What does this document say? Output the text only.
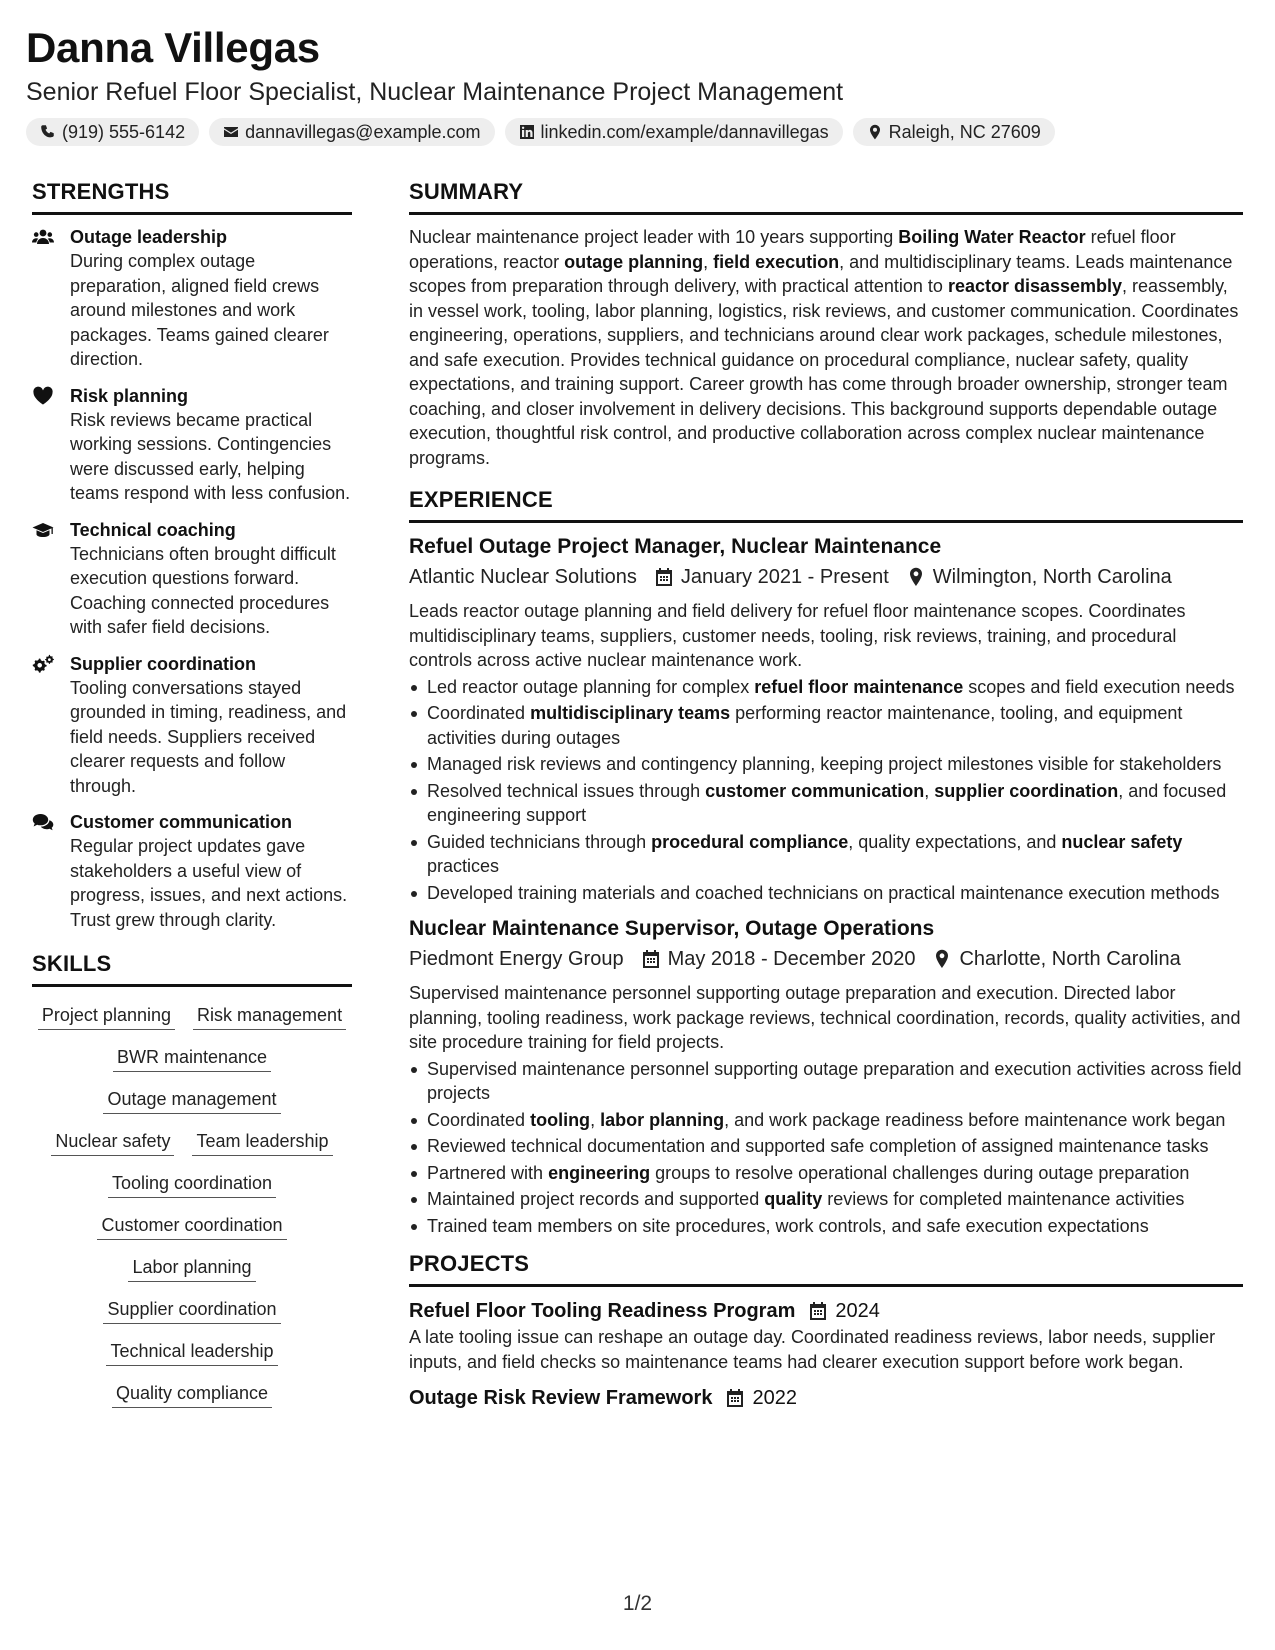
Danna Villegas
Senior Refuel Floor Specialist, Nuclear Maintenance Project Management
(919) 555-6142	dannavillegas@example.com	linkedin.com/example/dannavillegas	Raleigh, NC 27609
STRENGTHS
Outage leadership
During complex outage preparation, aligned field crews around milestones and work packages. Teams gained clearer direction.
Risk planning
Risk reviews became practical working sessions. Contingencies were discussed early, helping teams respond with less confusion.
Technical coaching
Technicians often brought difficult execution questions forward. Coaching connected procedures with safer field decisions.
Supplier coordination
Tooling conversations stayed grounded in timing, readiness, and field needs. Suppliers received clearer requests and follow through.
Customer communication
Regular project updates gave stakeholders a useful view of progress, issues, and next actions. Trust grew through clarity.
SKILLS
Project planning Risk management
BWR maintenance
Outage management
Nuclear safety Team leadership
Tooling coordination
Customer coordination
Labor planning
Supplier coordination
Technical leadership
Quality compliance
SUMMARY
Nuclear maintenance project leader with 10 years supporting Boiling Water Reactor refuel floor operations, reactor outage planning, field execution, and multidisciplinary teams. Leads maintenance scopes from preparation through delivery, with practical attention to reactor disassembly, reassembly, in vessel work, tooling, labor planning, logistics, risk reviews, and customer communication. Coordinates engineering, operations, suppliers, and technicians around clear work packages, schedule milestones, and safe execution. Provides technical guidance on procedural compliance, nuclear safety, quality expectations, and training support. Career growth has come through broader ownership, stronger team coaching, and closer involvement in delivery decisions. This background supports dependable outage execution, thoughtful risk control, and productive collaboration across complex nuclear maintenance programs.
EXPERIENCE
Refuel Outage Project Manager, Nuclear Maintenance
Atlantic Nuclear Solutions January 2021 - Present Wilmington, North Carolina
Leads reactor outage planning and field delivery for refuel floor maintenance scopes. Coordinates multidisciplinary teams, suppliers, customer needs, tooling, risk reviews, training, and procedural controls across active nuclear maintenance work.
Led reactor outage planning for complex refuel floor maintenance scopes and field execution needs
Coordinated multidisciplinary teams performing reactor maintenance, tooling, and equipment activities during outages
Managed risk reviews and contingency planning, keeping project milestones visible for stakeholders
Resolved technical issues through customer communication, supplier coordination, and focused engineering support
Guided technicians through procedural compliance, quality expectations, and nuclear safety practices
Developed training materials and coached technicians on practical maintenance execution methods
Nuclear Maintenance Supervisor, Outage Operations
Piedmont Energy Group May 2018 - December 2020 Charlotte, North Carolina
Supervised maintenance personnel supporting outage preparation and execution. Directed labor planning, tooling readiness, work package reviews, technical coordination, records, quality activities, and site procedure training for field projects.
Supervised maintenance personnel supporting outage preparation and execution activities across field projects
Coordinated tooling, labor planning, and work package readiness before maintenance work began
Reviewed technical documentation and supported safe completion of assigned maintenance tasks
Partnered with engineering groups to resolve operational challenges during outage preparation
Maintained project records and supported quality reviews for completed maintenance activities
Trained team members on site procedures, work controls, and safe execution expectations
PROJECTS
Refuel Floor Tooling Readiness Program 2024
A late tooling issue can reshape an outage day. Coordinated readiness reviews, labor needs, supplier inputs, and field checks so maintenance teams had clearer execution support before work began.
Outage Risk Review Framework 2022
1/2
